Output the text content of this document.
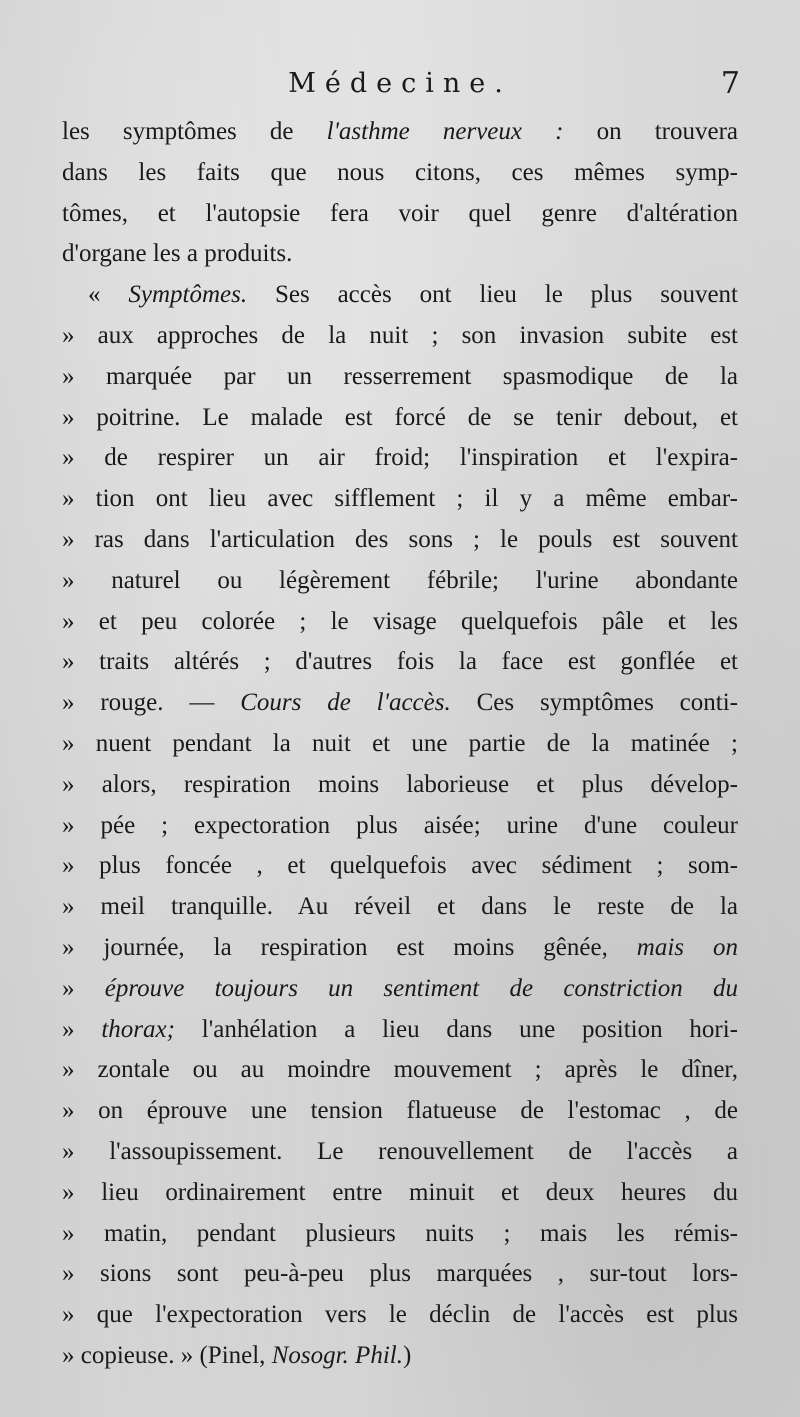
Médecine.	7
les symptômes de l'asthme nerveux : on trouvera
dans les faits que nous citons, ces mêmes symp-
tômes, et l'autopsie fera voir quel genre d'altération
d'organe les a produits.
« Symptômes. Ses accès ont lieu le plus souvent
» aux approches de la nuit ; son invasion subite est
» marquée par un resserrement spasmodique de la
» poitrine. Le malade est forcé de se tenir debout, et
» de respirer un air froid; l'inspiration et l'expira-
» tion ont lieu avec sifflement ; il y a même embar-
» ras dans l'articulation des sons ; le pouls est souvent
» naturel ou légèrement fébrile; l'urine abondante
» et peu colorée ; le visage quelquefois pâle et les
» traits altérés ; d'autres fois la face est gonflée et
» rouge. — Cours de l'accès. Ces symptômes conti-
» nuent pendant la nuit et une partie de la matinée ;
» alors, respiration moins laborieuse et plus dévelop-
» pée ; expectoration plus aisée; urine d'une couleur
» plus foncée , et quelquefois avec sédiment ; som-
» meil tranquille. Au réveil et dans le reste de la
» journée, la respiration est moins gênée, mais on
» éprouve toujours un sentiment de constriction du
» thorax; l'anhélation a lieu dans une position hori-
» zontale ou au moindre mouvement ; après le dîner,
» on éprouve une tension flatueuse de l'estomac , de
» l'assoupissement. Le renouvellement de l'accès a
» lieu ordinairement entre minuit et deux heures du
» matin, pendant plusieurs nuits ; mais les rémis-
» sions sont peu-à-peu plus marquées , sur-tout lors-
» que l'expectoration vers le déclin de l'accès est plus
» copieuse. » (Pinel, Nosogr. Phil.)
